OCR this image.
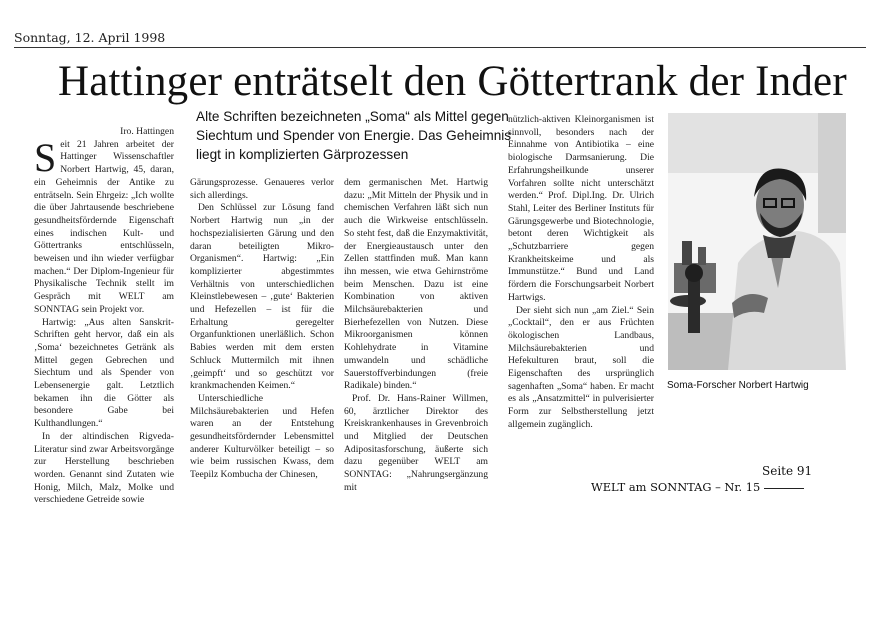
Sonntag, 12. April 1998
Hattinger enträtselt den Göttertrank der Inder
Alte Schriften bezeichneten „Soma“ als Mittel gegen Siechtum und Spender von Energie. Das Geheimnis liegt in komplizierten Gärprozessen

Iro. Hattingen

Seit 21 Jahren arbeitet der Hattinger Wissenschaftler Norbert Hartwig, 45, daran, ein Geheimnis der Antike zu enträtseln. Sein Ehrgeiz: „Ich wollte die über Jahrtausende beschriebene gesundheitsfördernde Eigenschaft eines indischen Kult- und Göttertranks entschlüsseln, beweisen und ihn wieder verfügbar machen.“ Der Diplom-Ingenieur für Physikalische Technik stellt im Gespräch mit WELT am SONNTAG sein Projekt vor.

Hartwig: „Aus alten Sanskrit-Schriften geht hervor, daß ein als ‚Soma‘ bezeichnetes Getränk als Mittel gegen Gebrechen und Siechtum und als Spender von Lebensenergie galt. Letztlich bekamen ihn die Götter als besondere Gabe bei Kulthandlungen.“

In der altindischen Rigveda-Literatur sind zwar Arbeitsvorgänge zur Herstellung beschrieben worden. Genannt sind Zutaten wie Honig, Milch, Malz, Molke und verschiedene Getreide sowie

Gärungsprozesse. Genaueres verlor sich allerdings.

Den Schlüssel zur Lösung fand Norbert Hartwig nun „in der hochspezialisierten Gärung und den daran beteiligten Mikro-Organismen“. Hartwig: „Ein komplizierter abgestimmtes Verhältnis von unterschiedlichen Kleinstlebewesen – ‚gute‘ Bakterien und Hefezellen – ist für die Erhaltung geregelter Organfunktionen unerläßlich. Schon Babies werden mit dem ersten Schluck Muttermilch mit ihnen ‚geimpft‘ und so geschützt vor krankmachenden Keimen.“

Unterschiedliche Milchsäurebakterien und Hefen waren an der Entstehung gesundheitsfördernder Lebensmittel anderer Kulturvölker beteiligt – so wie beim russischen Kwass, dem Teepilz Kombucha der Chinesen,

dem germanischen Met. Hartwig dazu: „Mit Mitteln der Physik und in chemischen Verfahren läßt sich nun auch die Wirkweise entschlüsseln. So steht fest, daß die Enzymaktivität, der Energieaustausch unter den Zellen stattfinden muß. Man kann ihn messen, wie etwa Gehirnströme beim Menschen. Dazu ist eine Kombination von aktiven Milchsäurebakterien und Bierhefezellen von Nutzen. Diese Mikroorganismen können Kohlehydrate in Vitamine umwandeln und schädliche Sauerstoffverbindungen (freie Radikale) binden.“

Prof. Dr. Hans-Rainer Willmen, 60, ärztlicher Direktor des Kreiskrankenhauses in Grevenbroich und Mitglied der Deutschen Adipositasforschung, äußerte sich dazu gegenüber WELT am SONNTAG: „Nahrungsergänzung mit

nützlich-aktiven Kleinorganismen ist sinnvoll, besonders nach der Einnahme von Antibiotika – eine biologische Darmsanierung. Die Erfahrungsheilkunde unserer Vorfahren sollte nicht unterschätzt werden.“ Prof. Dipl.Ing. Dr. Ulrich Stahl, Leiter des Berliner Instituts für Gärungsgewerbe und Biotechnologie, betont deren Wichtigkeit als „Schutzbarriere gegen Krankheitskeime und als Immunstütze.“ Bund und Land fördern die Forschungsarbeit Norbert Hartwigs.

Der sieht sich nun „am Ziel.“ Sein „Cocktail“, den er aus Früchten ökologischen Landbaus, Milchsäurebakterien und Hefekulturen braut, soll die Eigenschaften des ursprünglich sagenhaften „Soma“ haben. Er macht es als „Ansatzmittel“ in pulverisierter Form zur Selbstherstellung jetzt allgemein zugänglich.

Soma-Forscher Norbert Hartwig
Seite 91
WELT am SONNTAG – Nr. 15
